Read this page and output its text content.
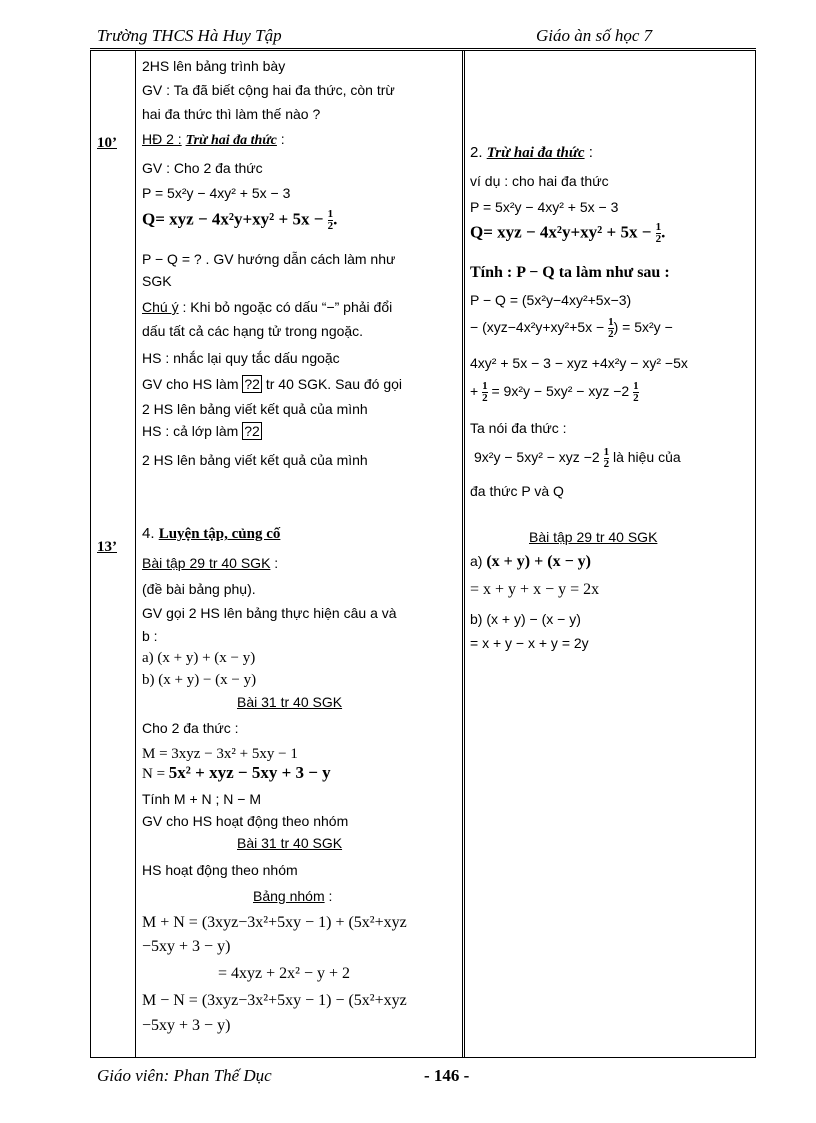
Trường THCS Hà Huy Tập	Giáo àn số học 7
10’
13’
2HS lên bảng trình bày
GV : Ta đã biết cộng hai đa thức, còn trừ
hai đa thức thì làm thế nào ?
HĐ 2 : Trừ hai đa thức :
GV : Cho 2 đa thức
P = 5x²y − 4xy² + 5x − 3
Q= xyz − $4x^2y+xy^2 + 5x - \frac{1}{2}$ .
P − Q = ? . GV hướng dẫn cách làm như
SGK
Chú ý : Khi bỏ ngoặc có dấu “−” phải đổi
dấu tất cả các hạng tử trong ngoặc.
HS : nhắc lại quy tắc dấu ngoặc
GV cho HS làm ?2 tr 40 SGK. Sau đó gọi
2 HS lên bảng viết kết quả của mình
HS : cả lớp làm ?2
2 HS lên bảng viết kết quả của mình
4. Luyện tập, củng cố
Bài tập 29 tr 40 SGK :
(đề bài bảng phụ).
GV gọi 2 HS lên bảng thực hiện câu a và
b :
a) (x + y) + (x − y)
b) (x + y) − (x − y)
Bài 31 tr 40 SGK
Cho 2 đa thức :
M = 3xyz − 3x² + 5xy − 1
N = 5x² + xyz − 5xy + 3 − y
Tính M + N ; N − M
GV cho HS hoạt động theo nhóm
Bài 31 tr 40 SGK
HS hoạt động theo nhóm
Bảng nhóm :
M + N = (3xyz−3x²+5xy − 1) + (5x²+xyz
−5xy + 3 − y)
= 4xyz + 2x² − y + 2
M − N = (3xyz−3x²+5xy − 1) − (5x²+xyz
−5xy + 3 − y)
2. Trừ hai đa thức :
ví dụ : cho hai đa thức
P = 5x²y − 4xy² + 5x − 3
Q= xyz − $4x^2y+xy^2 + 5x - \frac{1}{2}$ .
Tính : P − Q ta làm như sau :
P − Q = (5x²y−4xy²+5x−3)
− ($xyz-4x^2y+xy^2+5x - \frac{1}{2}$ ) = 5x²y −
4xy² + 5x − 3 − xyz +4x²y − xy² −5x
+ $\frac{1}{2} = 9x^2y - 5xy^2$ − xyz $-2 \frac{1}{2}$
Ta nói đa thức :
9x²y − 5xy² − xyz $-2 \frac{1}{2}$ là hiệu của
đa thức P và Q
Bài tập 29 tr 40 SGK
a) (x + y) + (x − y)
= x + y + x − y = 2x
b) (x + y) − (x − y)
= x + y − x + y = 2y
Giáo viên: Phan Thế Dục	- 146 -
